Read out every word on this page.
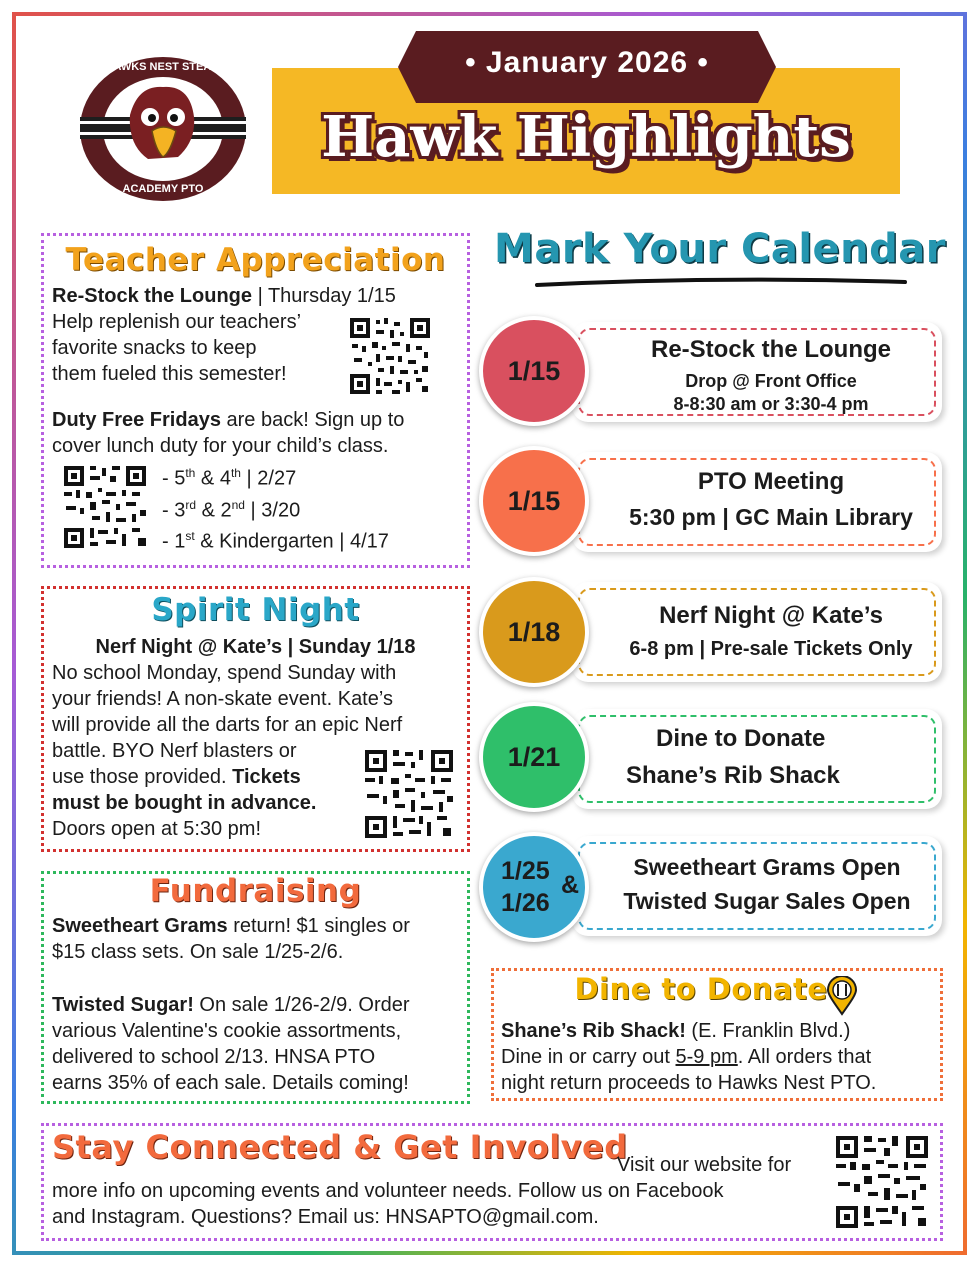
HAWKS NEST STEAM
ACADEMY PTO
• January 2026 •
Hawk Highlights
Teacher Appreciation
Re-Stock the Lounge | Thursday 1/15
Help replenish our teachers’
favorite snacks to keep
them fueled this semester!
Duty Free Fridays are back! Sign up to
cover lunch duty for your child’s class.
- 5th & 4th | 2/27
- 3rd & 2nd | 3/20
- 1st & Kindergarten | 4/17
Spirit Night
Nerf Night @ Kate’s | Sunday 1/18
No school Monday, spend Sunday with
your friends! A non-skate event. Kate’s
will provide all the darts for an epic Nerf
battle. BYO Nerf blasters or
use those provided. Tickets
must be bought in advance.
Doors open at 5:30 pm!
Fundraising
Sweetheart Grams return! $1 singles or
$15 class sets. On sale 1/25-2/6.
Twisted Sugar! On sale 1/26-2/9. Order
various Valentine's cookie assortments,
delivered to school 2/13. HNSA PTO
earns 35% of each sale. Details coming!
Mark Your Calendar
Re-Stock the Lounge
Drop @ Front Office
8-8:30 am or 3:30-4 pm
1/15
PTO Meeting
5:30 pm | GC Main Library
1/15
Nerf Night @ Kate’s
6-8 pm | Pre-sale Tickets Only
1/18
Dine to Donate
Shane’s Rib Shack
1/21
Sweetheart Grams Open
Twisted Sugar Sales Open
1/25
1/26
&
Dine to Donate
Shane’s Rib Shack! (E. Franklin Blvd.)
Dine in or carry out 5-9 pm. All orders that
night return proceeds to Hawks Nest PTO.
Stay Connected & Get Involved
Visit our website for
more info on upcoming events and volunteer needs. Follow us on Facebook
and Instagram. Questions? Email us: HNSAPTO@gmail.com.
